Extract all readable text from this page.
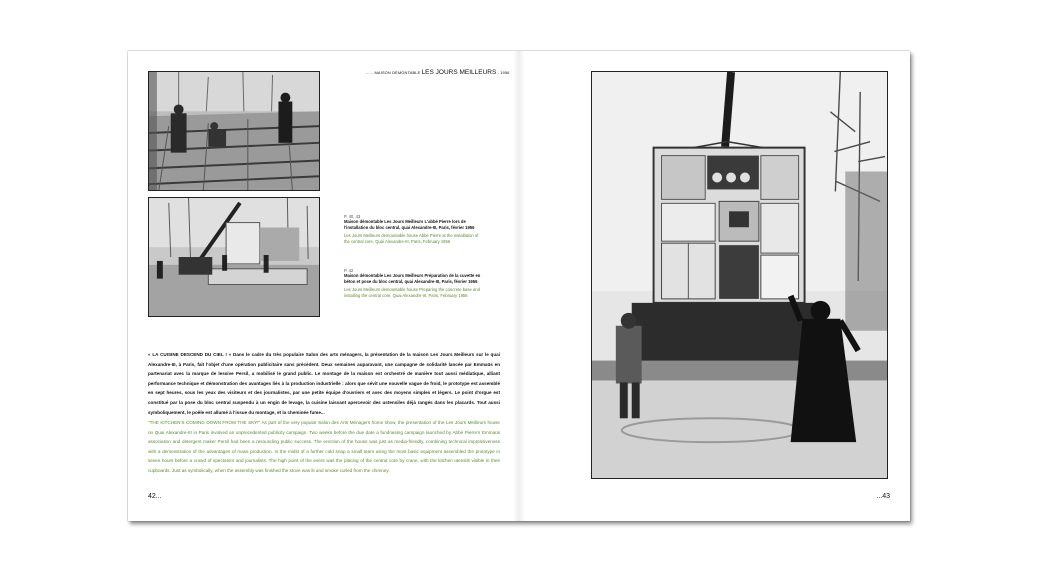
...... MAISON DÉMONTABLE LES JOURS MEILLEURS - 1956
P. 40, 43
Maison démontable Les Jours Meilleurs L'abbé Pierre lors de l'installation du bloc central, quai Alexandre-III, Paris, février 1956
Les Jours Meilleurs demountable house Abbé Pierre at the installation of the central core, Quai Alexandre-III, Paris, February 1956
P. 42
Maison démontable Les Jours Meilleurs Préparation de la cuvette en béton et pose du bloc central, quai Alexandre-III, Paris, février 1956
Les Jours Meilleurs demountable house Preparing the concrete base and installing the central core, Quai Alexandre-III, Paris, February 1956
« LA CUISINE DESCEND DU CIEL ! » Dans le cadre du très populaire Salon des arts ménagers, la présentation de la maison Les Jours Meilleurs sur le quai Alexandre-III, à Paris, fait l'objet d'une opération publicitaire sans précédent. Deux semaines auparavant, une campagne de solidarité lancée par Emmaüs en partenariat avec la marque de lessive Persil, a mobilisé le grand public. Le montage de la maison est orchestré de manière tout aussi médiatique, alliant performance technique et démonstration des avantages liés à la production industrielle : alors que sévit une nouvelle vague de froid, le prototype est assemblé en sept heures, sous les yeux des visiteurs et des journalistes, par une petite équipe d'ouvriers et avec des moyens simples et légers. Le point d'orgue est constitué par la pose du bloc central suspendu à un engin de levage, la cuisine laissant apercevoir des ustensiles déjà rangés dans les placards. Tout aussi symboliquement, le poêle est allumé à l'issue du montage, et la cheminée fume...
"THE KITCHEN'S COMING DOWN FROM THE SKY!" As part of the very popular Salon des Arts Ménagers home show, the presentation of the Les Jours Meilleurs house on Quai Alexandre-III in Paris involved an unprecedented publicity campaign. Two weeks before the due date a fundraising campaign launched by Abbé Pierre's Emmaüs association and detergent maker Persil had been a resounding public success. The erection of the house was just as media-friendly, combining technical impressiveness with a demonstration of the advantages of mass production. In the midst of a further cold snap a small team using the most basic equipment assembled the prototype in seven hours before a crowd of spectators and journalists. The high point of the event was the placing of the central core by crane, with the kitchen utensils visible in their cupboards. Just as symbolically, when the assembly was finished the stove was lit and smoke curled from the chimney.
42...	...43
